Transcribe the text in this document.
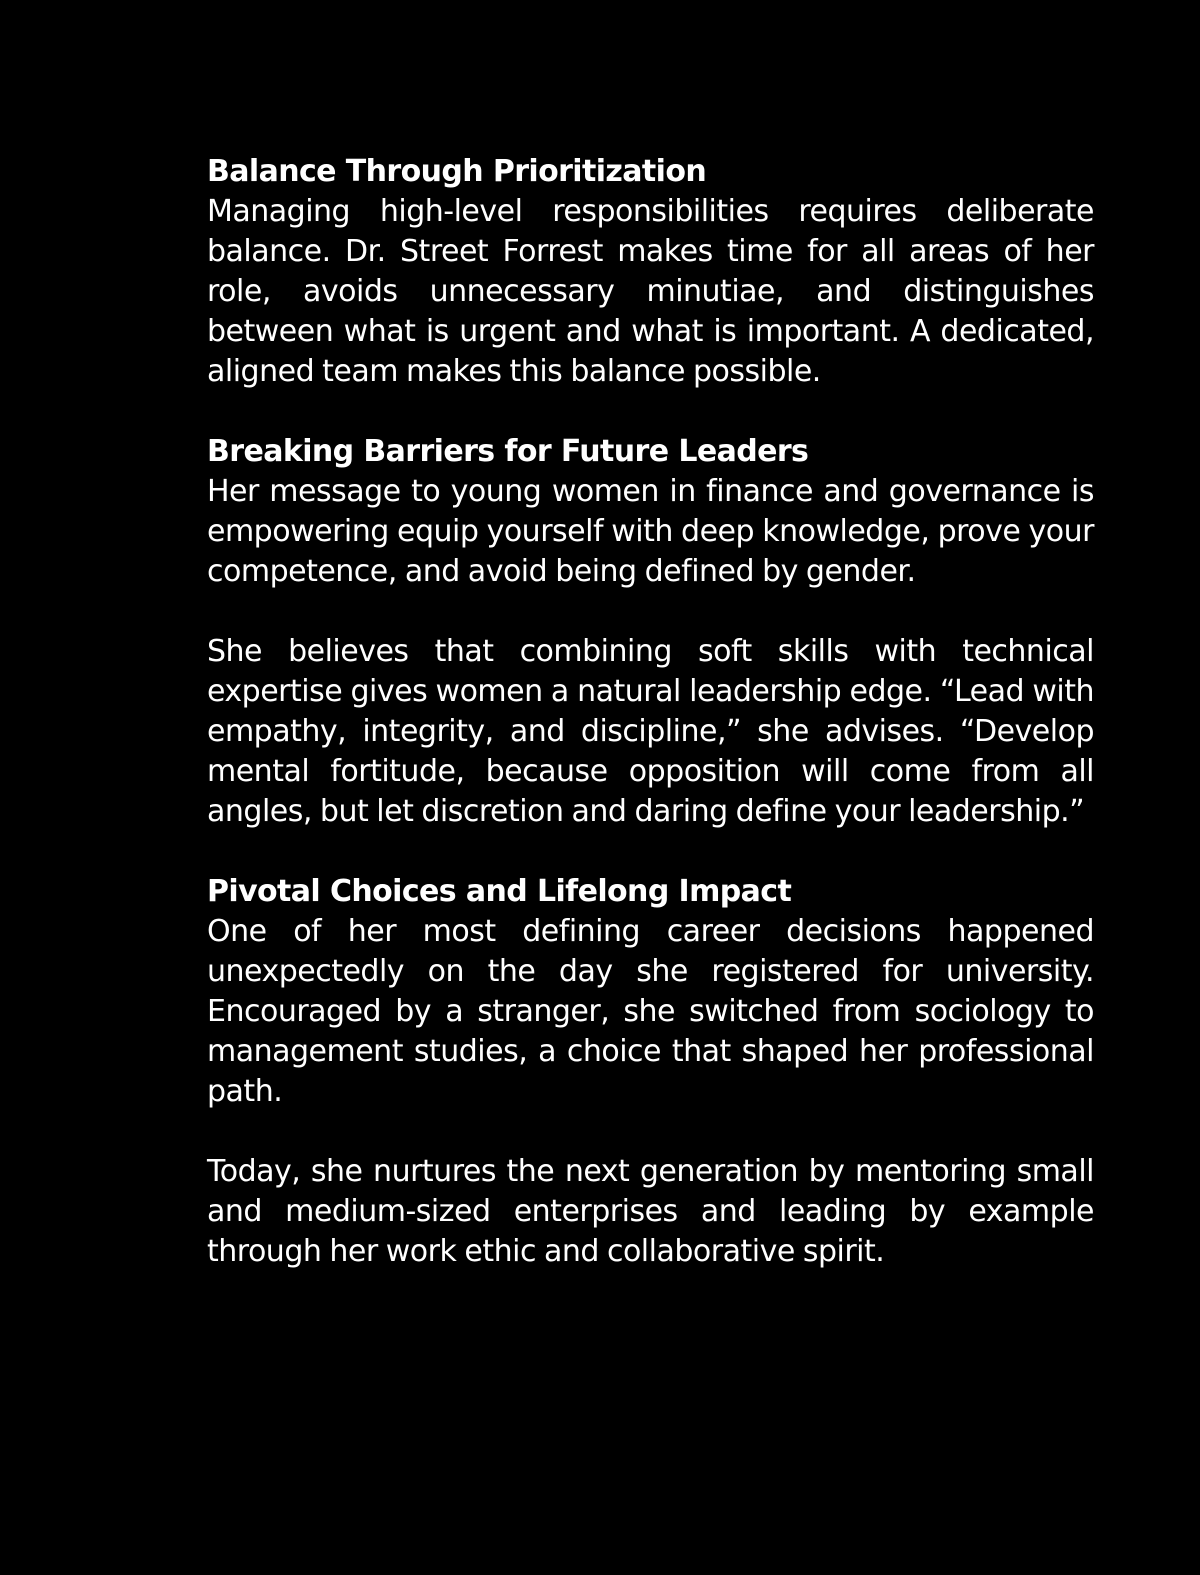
Balance Through Prioritization

Managing high-level responsibilities requires deliberate balance. Dr. Street Forrest makes time for all areas of her role, avoids unnecessary minutiae, and distinguishes between what is urgent and what is important. A dedicated, aligned team makes this balance possible.

Breaking Barriers for Future Leaders

Her message to young women in finance and governance is empowering equip yourself with deep knowledge, prove your competence, and avoid being defined by gender.

She believes that combining soft skills with technical expertise gives women a natural leadership edge. “Lead with empathy, integrity, and discipline,” she advises. “Develop mental fortitude, because opposition will come from all angles, but let discretion and daring define your leadership.”

Pivotal Choices and Lifelong Impact

One of her most defining career decisions happened unexpectedly on the day she registered for university. Encouraged by a stranger, she switched from sociology to management studies, a choice that shaped her professional path.

Today, she nurtures the next generation by mentoring small and medium-sized enterprises and leading by example through her work ethic and collaborative spirit.
